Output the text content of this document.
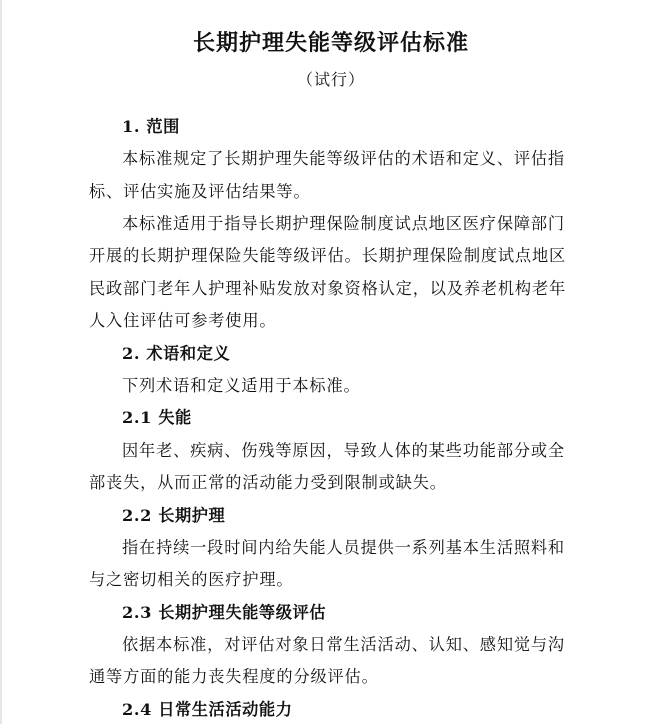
长期护理失能等级评估标准
（试行）
1. 范围
本标准规定了长期护理失能等级评估的术语和定义、评估指
标、评估实施及评估结果等。
本标准适用于指导长期护理保险制度试点地区医疗保障部门
开展的长期护理保险失能等级评估。长期护理保险制度试点地区
民政部门老年人护理补贴发放对象资格认定，以及养老机构老年
人入住评估可参考使用。
2. 术语和定义
下列术语和定义适用于本标准。
2.1 失能
因年老、疾病、伤残等原因，导致人体的某些功能部分或全
部丧失，从而正常的活动能力受到限制或缺失。
2.2 长期护理
指在持续一段时间内给失能人员提供一系列基本生活照料和
与之密切相关的医疗护理。
2.3 长期护理失能等级评估
依据本标准，对评估对象日常生活活动、认知、感知觉与沟
通等方面的能力丧失程度的分级评估。
2.4 日常生活活动能力
